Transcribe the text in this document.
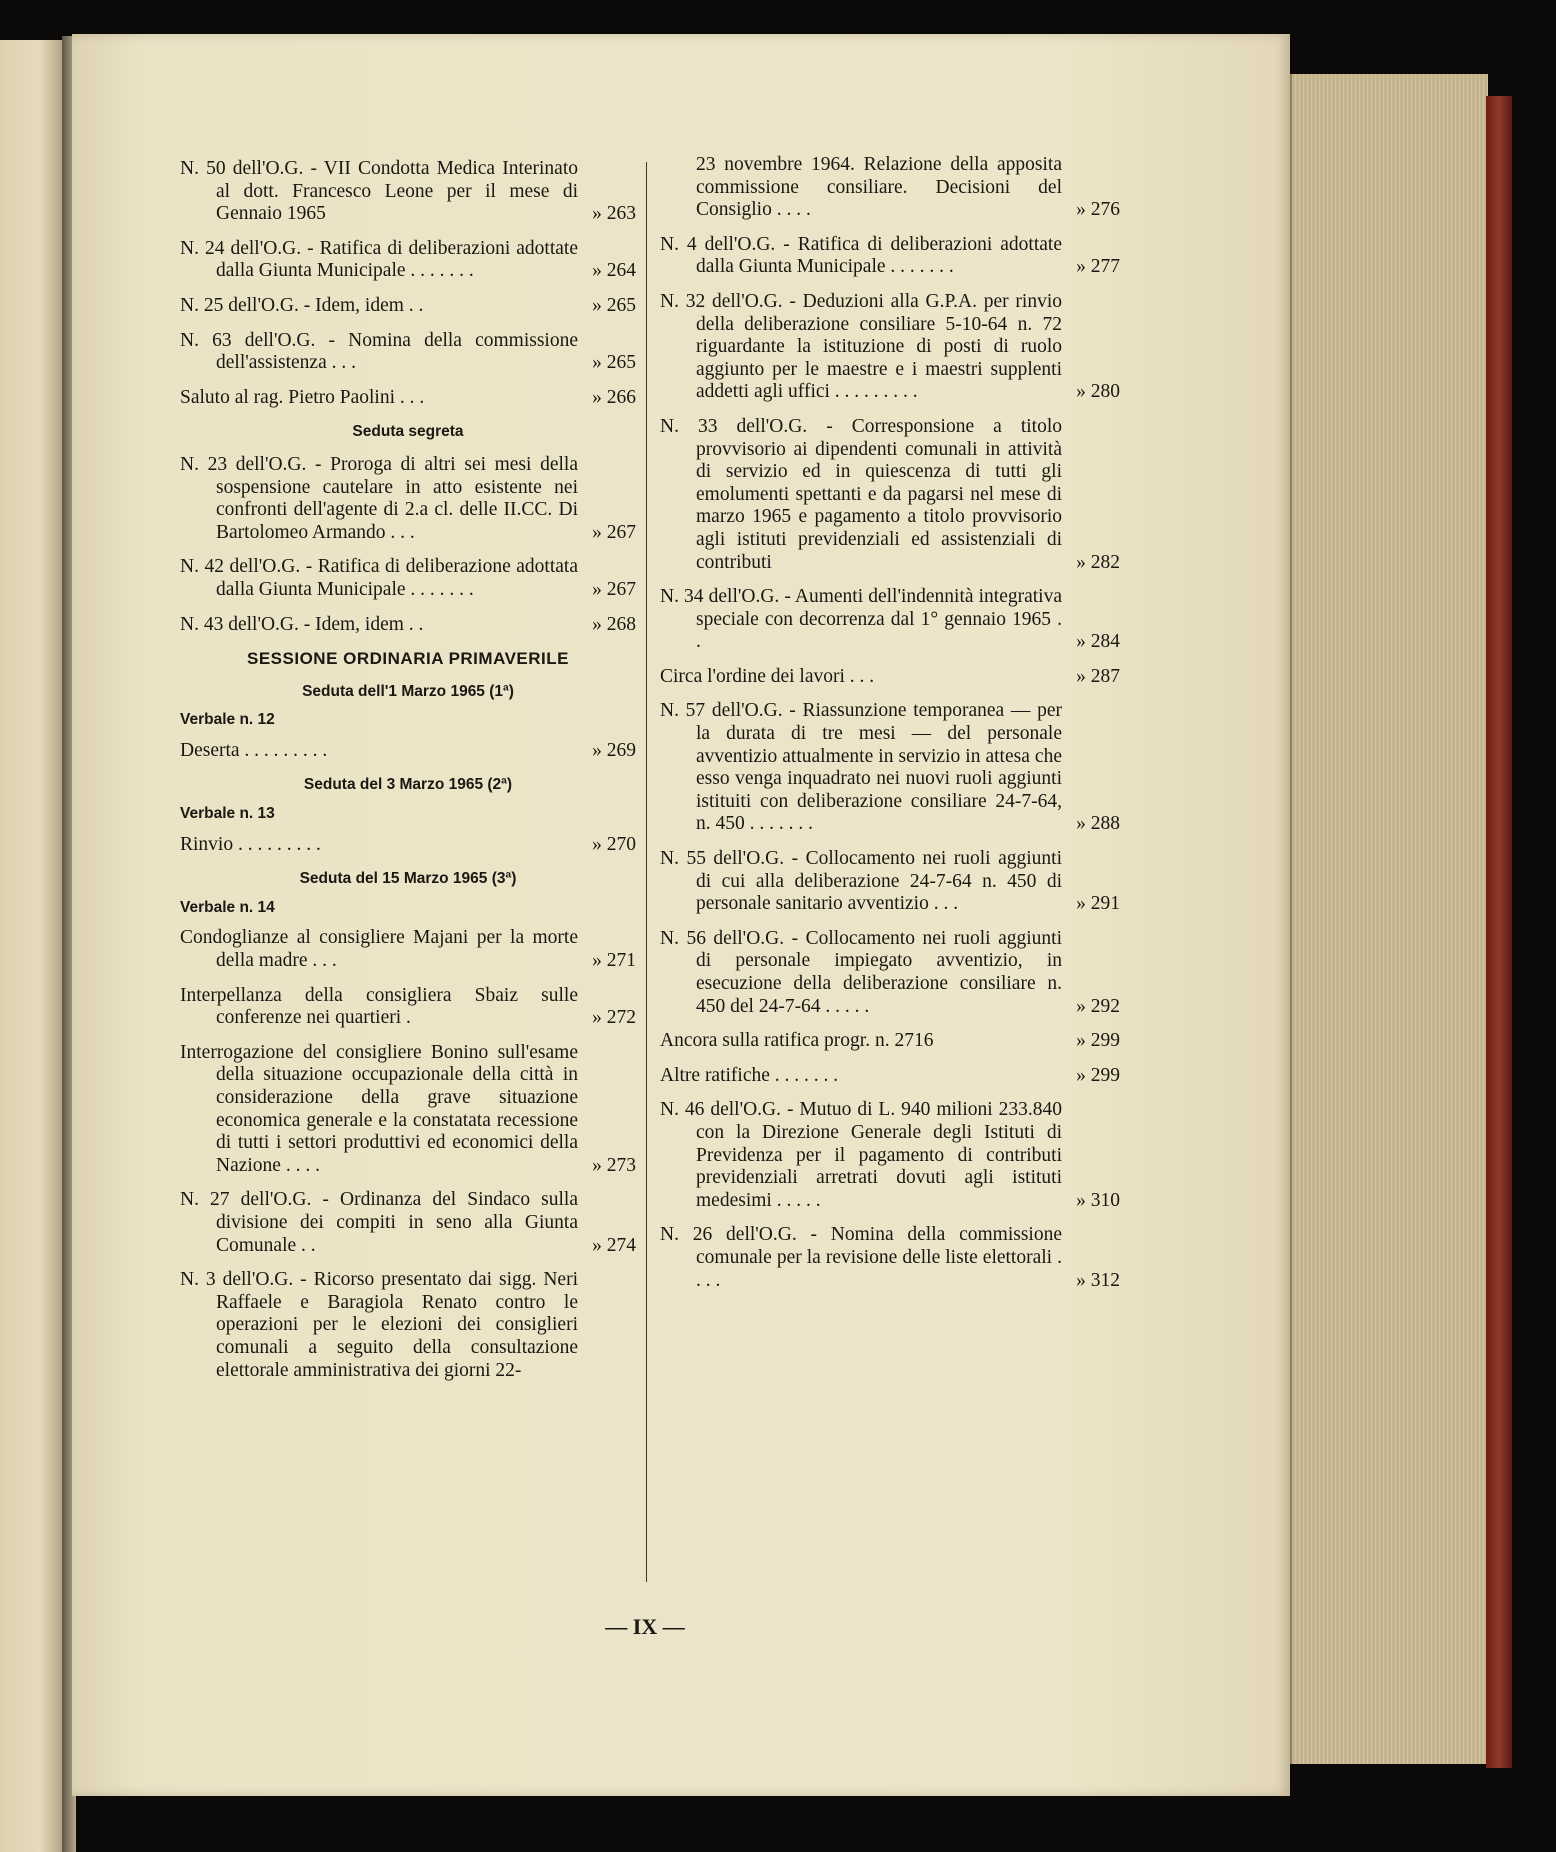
N. 50 dell'O.G. - VII Condotta Medica Interinato al dott. Francesco Leone per il mese di Gennaio 1965	» 263
N. 24 dell'O.G. - Ratifica di deliberazioni adottate dalla Giunta Municipale . . . . . . .	» 264
N. 25 dell'O.G. - Idem, idem . .	» 265
N. 63 dell'O.G. - Nomina della commissione dell'assistenza . . .	» 265
Saluto al rag. Pietro Paolini . . .	» 266
Seduta segreta
N. 23 dell'O.G. - Proroga di altri sei mesi della sospensione cautelare in atto esistente nei confronti dell'agente di 2.a cl. delle II.CC. Di Bartolomeo Armando . . .	» 267
N. 42 dell'O.G. - Ratifica di deliberazione adottata dalla Giunta Municipale . . . . . . .	» 267
N. 43 dell'O.G. - Idem, idem . .	» 268
SESSIONE ORDINARIA PRIMAVERILE
Seduta dell'1 Marzo 1965 (1ª)
Verbale n. 12
Deserta . . . . . . . . .	» 269
Seduta del 3 Marzo 1965 (2ª)
Verbale n. 13
Rinvio . . . . . . . . .	» 270
Seduta del 15 Marzo 1965 (3ª)
Verbale n. 14
Condoglianze al consigliere Majani per la morte della madre . . .	» 271
Interpellanza della consigliera Sbaiz sulle conferenze nei quartieri .	» 272
Interrogazione del consigliere Bonino sull'esame della situazione occupazionale della città in considerazione della grave situazione economica generale e la constatata recessione di tutti i settori produttivi ed economici della Nazione . . . .	» 273
N. 27 dell'O.G. - Ordinanza del Sindaco sulla divisione dei compiti in seno alla Giunta Comunale . .	» 274
N. 3 dell'O.G. - Ricorso presentato dai sigg. Neri Raffaele e Baragiola Renato contro le operazioni per le elezioni dei consiglieri comunali a seguito della consultazione elettorale amministrativa dei giorni 22-
23 novembre 1964. Relazione della apposita commissione consiliare. Decisioni del Consiglio . . . .	» 276
N. 4 dell'O.G. - Ratifica di deliberazioni adottate dalla Giunta Municipale . . . . . . .	» 277
N. 32 dell'O.G. - Deduzioni alla G.P.A. per rinvio della deliberazione consiliare 5-10-64 n. 72 riguardante la istituzione di posti di ruolo aggiunto per le maestre e i maestri supplenti addetti agli uffici . . . . . . . . .	» 280
N. 33 dell'O.G. - Corresponsione a titolo provvisorio ai dipendenti comunali in attività di servizio ed in quiescenza di tutti gli emolumenti spettanti e da pagarsi nel mese di marzo 1965 e pagamento a titolo provvisorio agli istituti previdenziali ed assistenziali di contributi	» 282
N. 34 dell'O.G. - Aumenti dell'indennità integrativa speciale con decorrenza dal 1° gennaio 1965 . .	» 284
Circa l'ordine dei lavori . . .	» 287
N. 57 dell'O.G. - Riassunzione temporanea — per la durata di tre mesi — del personale avventizio attualmente in servizio in attesa che esso venga inquadrato nei nuovi ruoli aggiunti istituiti con deliberazione consiliare 24-7-64, n. 450 . . . . . . .	» 288
N. 55 dell'O.G. - Collocamento nei ruoli aggiunti di cui alla deliberazione 24-7-64 n. 450 di personale sanitario avventizio . . .	» 291
N. 56 dell'O.G. - Collocamento nei ruoli aggiunti di personale impiegato avventizio, in esecuzione della deliberazione consiliare n. 450 del 24-7-64 . . . . .	» 292
Ancora sulla ratifica progr. n. 2716	» 299
Altre ratifiche . . . . . . .	» 299
N. 46 dell'O.G. - Mutuo di L. 940 milioni 233.840 con la Direzione Generale degli Istituti di Previdenza per il pagamento di contributi previdenziali arretrati dovuti agli istituti medesimi . . . . .	» 310
N. 26 dell'O.G. - Nomina della commissione comunale per la revisione delle liste elettorali . . . .	» 312
— IX —
